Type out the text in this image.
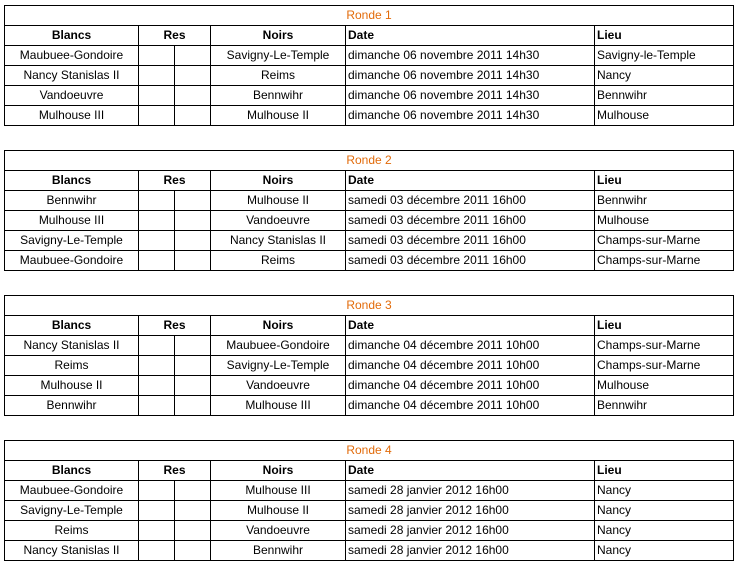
Ronde 1					
Blancs	Res		Noirs	Date	Lieu
Maubuee-Gondoire			Savigny-Le-Temple	dimanche 06 novembre 2011 14h30	Savigny-le-Temple
Nancy Stanislas II			Reims	dimanche 06 novembre 2011 14h30	Nancy
Vandoeuvre			Bennwihr	dimanche 06 novembre 2011 14h30	Bennwihr
Mulhouse III			Mulhouse II	dimanche 06 novembre 2011 14h30	Mulhouse
Ronde 2					
Blancs	Res		Noirs	Date	Lieu
Bennwihr			Mulhouse II	samedi 03 décembre 2011 16h00	Bennwihr
Mulhouse III			Vandoeuvre	samedi 03 décembre 2011 16h00	Mulhouse
Savigny-Le-Temple			Nancy Stanislas II	samedi 03 décembre 2011 16h00	Champs-sur-Marne
Maubuee-Gondoire			Reims	samedi 03 décembre 2011 16h00	Champs-sur-Marne
Ronde 3					
Blancs	Res		Noirs	Date	Lieu
Nancy Stanislas II			Maubuee-Gondoire	dimanche 04 décembre 2011 10h00	Champs-sur-Marne
Reims			Savigny-Le-Temple	dimanche 04 décembre 2011 10h00	Champs-sur-Marne
Mulhouse II			Vandoeuvre	dimanche 04 décembre 2011 10h00	Mulhouse
Bennwihr			Mulhouse III	dimanche 04 décembre 2011 10h00	Bennwihr
Ronde 4					
Blancs	Res		Noirs	Date	Lieu
Maubuee-Gondoire			Mulhouse III	samedi 28 janvier 2012 16h00	Nancy
Savigny-Le-Temple			Mulhouse II	samedi 28 janvier 2012 16h00	Nancy
Reims			Vandoeuvre	samedi 28 janvier 2012 16h00	Nancy
Nancy Stanislas II			Bennwihr	samedi 28 janvier 2012 16h00	Nancy
